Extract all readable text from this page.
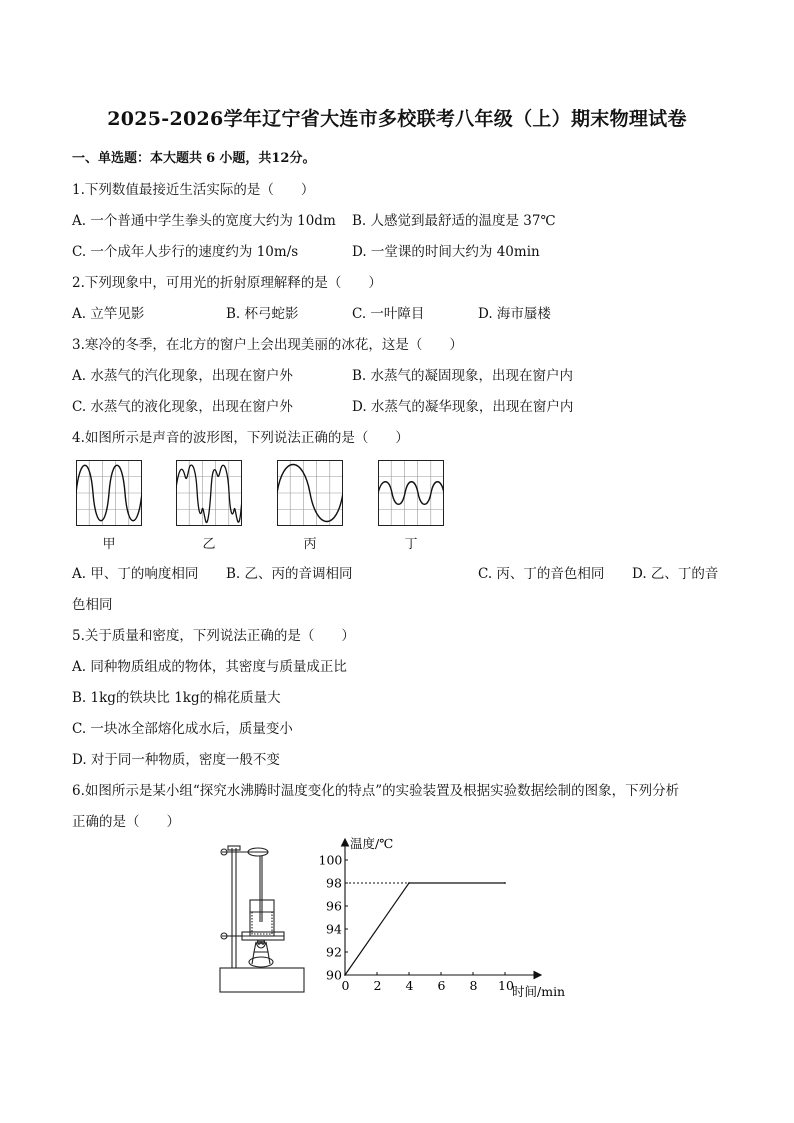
2025-2026学年辽宁省大连市多校联考八年级（上）期末物理试卷
一、单选题：本大题共 6 小题，共12分。
1.下列数值最接近生活实际的是（　　）
A. 一个普通中学生拳头的宽度大约为 10dm B. 人感觉到最舒适的温度是 37℃
C. 一个成年人步行的速度约为 10m/s	D. 一堂课的时间大约为 40min
2.下列现象中，可用光的折射原理解释的是（　　）
A. 立竿见影	B. 杯弓蛇影	C. 一叶障目	D. 海市蜃楼
3.寒冷的冬季，在北方的窗户上会出现美丽的冰花，这是（　　）
A. 水蒸气的汽化现象，出现在窗户外	B. 水蒸气的凝固现象，出现在窗户内
C. 水蒸气的液化现象，出现在窗户外	D. 水蒸气的凝华现象，出现在窗户内
4.如图所示是声音的波形图，下列说法正确的是（　　）
甲	乙	丙	丁
A. 甲、丁的响度相同 B. 乙、丙的音调相同	C. 丙、丁的音色相同 D. 乙、丁的音
色相同
5.关于质量和密度，下列说法正确的是（　　）
A. 同种物质组成的物体，其密度与质量成正比
B. 1kg的铁块比 1kg的棉花质量大
C. 一块冰全部熔化成水后，质量变小
D. 对于同一种物质，密度一般不变
6.如图所示是某小组“探究水沸腾时温度变化的特点”的实验装置及根据实验数据绘制的图象，下列分析
正确的是（　　）
温度/℃
时间/min
0 2 4 6 8 10
90
92
94
96
98
100
